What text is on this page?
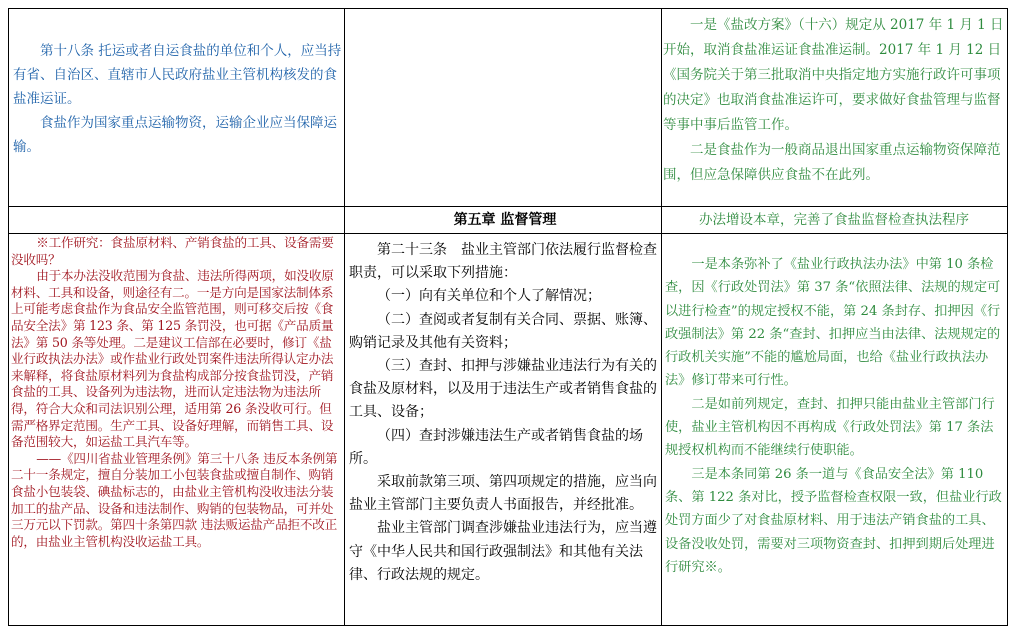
第十八条 托运或者自运食盐的单位和个人，应当持有省、自治区、直辖市人民政府盐业主管机构核发的食盐准运证。

食盐作为国家重点运输物资，运输企业应当保障运输。

一是《盐改方案》（十六）规定从 2017 年 1 月 1 日开始，取消食盐准运证食盐准运制。2017 年 1 月 12 日《国务院关于第三批取消中央指定地方实施行政许可事项的决定》也取消食盐准运许可，要求做好食盐管理与监督等事中事后监管工作。

二是食盐作为一般商品退出国家重点运输物资保障范围，但应急保障供应食盐不在此列。

第五章 监督管理	办法增设本章，完善了食盐监督检查执法程序

※工作研究：食盐原材料、产销食盐的工具、设备需要没收吗？

由于本办法没收范围为食盐、违法所得两项，如没收原材料、工具和设备，则途径有二。一是方向是国家法制体系上可能考虑食盐作为食品安全监管范围，则可移交后按《食品安全法》第 123 条、第 125 条罚没，也可据《产品质量法》第 50 条等处理。二是建议工信部在必要时，修订《盐业行政执法办法》或作盐业行政处罚案件违法所得认定办法来解释，将食盐原材料列为食盐构成部分按食盐罚没，产销食盐的工具、设备列为违法物，进而认定违法物为违法所得，符合大众和司法识别公理，适用第 26 条没收可行。但需严格界定范围。生产工具、设备好理解，而销售工具、设备范围较大，如运盐工具汽车等。

——《四川省盐业管理条例》第三十八条 违反本条例第二十一条规定，擅自分装加工小包装食盐或擅自制作、购销食盐小包装袋、碘盐标志的，由盐业主管机构没收违法分装加工的盐产品、设备和违法制作、购销的包装物品，可并处三万元以下罚款。第四十条第四款 违法贩运盐产品拒不改正的，由盐业主管机构没收运盐工具。

第二十三条　盐业主管部门依法履行监督检查职责，可以采取下列措施：

（一）向有关单位和个人了解情况；

（二）查阅或者复制有关合同、票据、账簿、购销记录及其他有关资料；

（三）查封、扣押与涉嫌盐业违法行为有关的食盐及原材料，以及用于违法生产或者销售食盐的工具、设备；

（四）查封涉嫌违法生产或者销售食盐的场所。

采取前款第三项、第四项规定的措施，应当向盐业主管部门主要负责人书面报告，并经批准。

盐业主管部门调查涉嫌盐业违法行为，应当遵守《中华人民共和国行政强制法》和其他有关法律、行政法规的规定。

一是本条弥补了《盐业行政执法办法》中第 10 条检查，因《行政处罚法》第 37 条“依照法律、法规的规定可以进行检查”的规定授权不能，第 24 条封存、扣押因《行政强制法》第 22 条“查封、扣押应当由法律、法规规定的行政机关实施”不能的尴尬局面，也给《盐业行政执法办法》修订带来可行性。

二是如前列规定，查封、扣押只能由盐业主管部门行使，盐业主管机构因不再构成《行政处罚法》第 17 条法规授权机构而不能继续行使职能。

三是本条同第 26 条一道与《食品安全法》第 110 条、第 122 条对比，授予监督检查权限一致，但盐业行政处罚方面少了对食盐原材料、用于违法产销食盐的工具、设备没收处罚，需要对三项物资查封、扣押到期后处理进行研究※。
